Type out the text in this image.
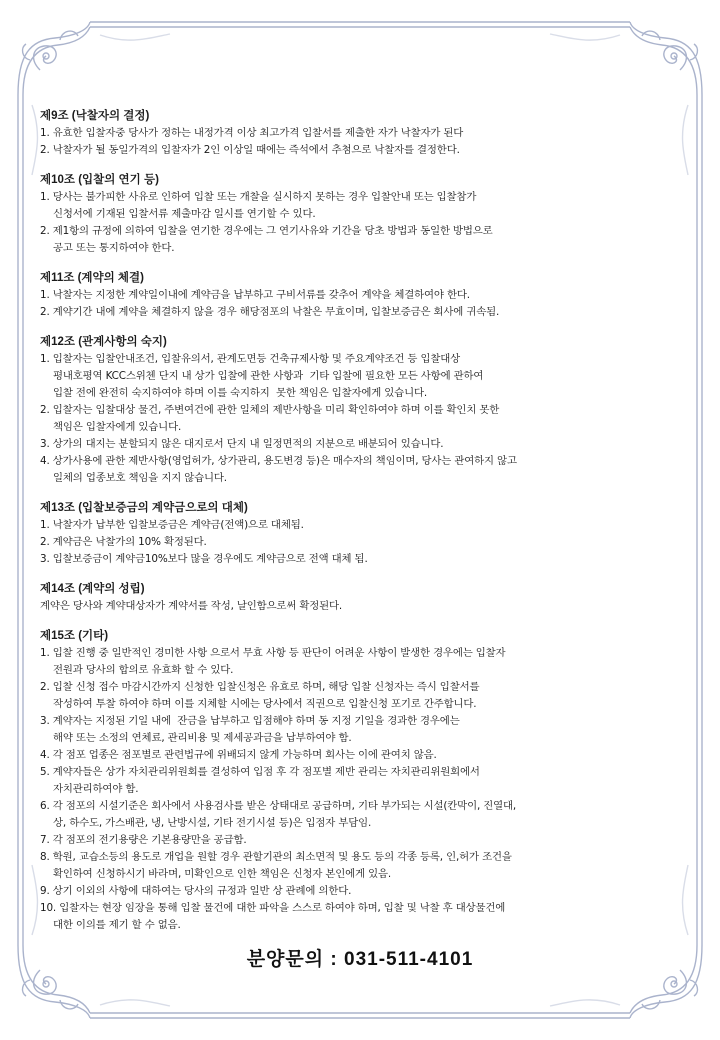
제9조 (낙찰자의 결정)

1. 유효한 입찰자중 당사가 정하는 내정가격 이상 최고가격 입찰서를 제출한 자가 낙찰자가 된다

2. 낙찰자가 될 동일가격의 입찰자가 2인 이상일 때에는 즉석에서 추첨으로 낙찰자를 결정한다.

제10조 (입찰의 연기 등)

1. 당사는 불가피한 사유로 인하여 입찰 또는 개찰을 실시하지 못하는 경우 입찰안내 또는 입찰참가

신청서에 기재된 입찰서류 제출마감 일시를 연기할 수 있다.

2. 제1항의 규정에 의하여 입찰을 연기한 경우에는 그 연기사유와 기간을 당초 방법과 동일한 방법으로

공고 또는 통지하여야 한다.

제11조 (계약의 체결)

1. 낙찰자는 지정한 계약일이내에 계약금을 납부하고 구비서류를 갖추어 계약을 체결하여야 한다.

2. 계약기간 내에 계약을 체결하지 않을 경우 해당점포의 낙찰은 무효이며, 입찰보증금은 회사에 귀속됨.

제12조 (관계사항의 숙지)

1. 입찰자는 입찰안내조건, 입찰유의서, 관계도면등 건축규제사항 및 주요계약조건 등 입찰대상

평내호평역 KCC스위첸 단지 내 상가 입찰에 관한 사항과  기타 입찰에 필요한 모든 사항에 관하여

입찰 전에 완전히 숙지하여야 하며 이를 숙지하지  못한 책임은 입찰자에게 있습니다.

2. 입찰자는 입찰대상 물건, 주변여건에 관한 일체의 제반사항을 미리 확인하여야 하며 이를 확인치 못한

책임은 입찰자에게 있습니다.

3. 상가의 대지는 분할되지 않은 대지로서 단지 내 일정면적의 지분으로 배분되어 있습니다.

4. 상가사용에 관한 제반사항(영업허가, 상가관리, 용도변경 등)은 매수자의 책임이며, 당사는 관여하지 않고

일체의 업종보호 책임을 지지 않습니다.

제13조 (입찰보증금의 계약금으로의 대체)

1. 낙찰자가 납부한 입찰보증금은 계약금(전액)으로 대체됨.

2. 계약금은 낙찰가의 10% 확정된다.

3. 입찰보증금이 계약금10%보다 많을 경우에도 계약금으로 전액 대체 됨.

제14조 (계약의 성립)

계약은 당사와 계약대상자가 계약서를 작성, 날인함으로써 확정된다.

제15조 (기타)

1. 입찰 진행 중 일반적인 경미한 사항 으로서 무효 사항 등 판단이 어려운 사항이 발생한 경우에는 입찰자

전원과 당사의 합의로 유효화 할 수 있다.

2. 입찰 신청 접수 마감시간까지 신청한 입찰신청은 유효로 하며, 해당 입찰 신청자는 즉시 입찰서를

작성하여 투찰 하여야 하며 이를 지체할 시에는 당사에서 직권으로 입찰신청 포기로 간주합니다.

3. 계약자는 지정된 기일 내에  잔금을 납부하고 입점해야 하며 동 지정 기일을 경과한 경우에는

해약 또는 소정의 연체료, 관리비용 및 제세공과금을 납부하여야 함.

4. 각 점포 업종은 점포별로 관련법규에 위배되지 않게 가능하며 회사는 이에 관여치 않음.

5. 계약자들은 상가 자치관리위원회를 결성하여 입점 후 각 점포별 제반 관리는 자치관리위원회에서

자치관리하여야 함.

6. 각 점포의 시설기준은 회사에서 사용검사를 받은 상태대로 공급하며, 기타 부가되는 시설(칸막이, 진열대,

상, 하수도, 가스배관, 냉, 난방시설, 기타 전기시설 등)은 입점자 부담임.

7. 각 점포의 전기용량은 기본용량만을 공급함.

8. 학원, 교습소등의 용도로 개업을 원할 경우 관할기관의 최소면적 및 용도 등의 각종 등록, 인,허가 조건을

확인하여 신청하시기 바라며, 미확인으로 인한 책임은 신청자 본인에게 있음.

9. 상기 이외의 사항에 대하여는 당사의 규정과 일반 상 관례에 의한다.

10. 입찰자는 현장 임장을 통해 입찰 물건에 대한 파악을 스스로 하여야 하며, 입찰 및 낙찰 후 대상물건에

대한 이의를 제기 할 수 없음.

분양문의 : 031-511-4101
